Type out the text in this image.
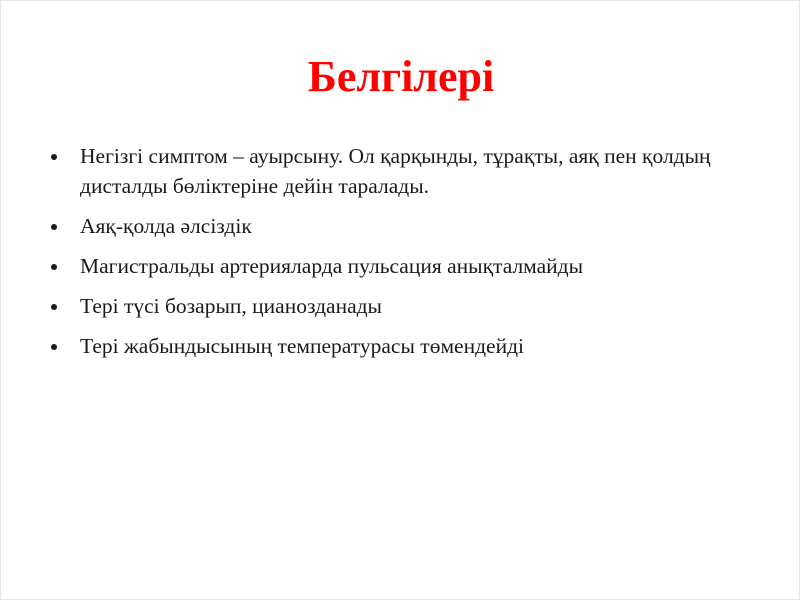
Белгілері
Негізгі симптом – ауырсыну. Ол қарқынды, тұрақты, аяқ пен қолдың дисталды бөліктеріне дейін таралады.
Аяқ-қолда әлсіздік
Магистральды артерияларда пульсация анықталмайды
Тері түсі бозарып, цианозданады
Тері жабындысының температурасы төмендейді
